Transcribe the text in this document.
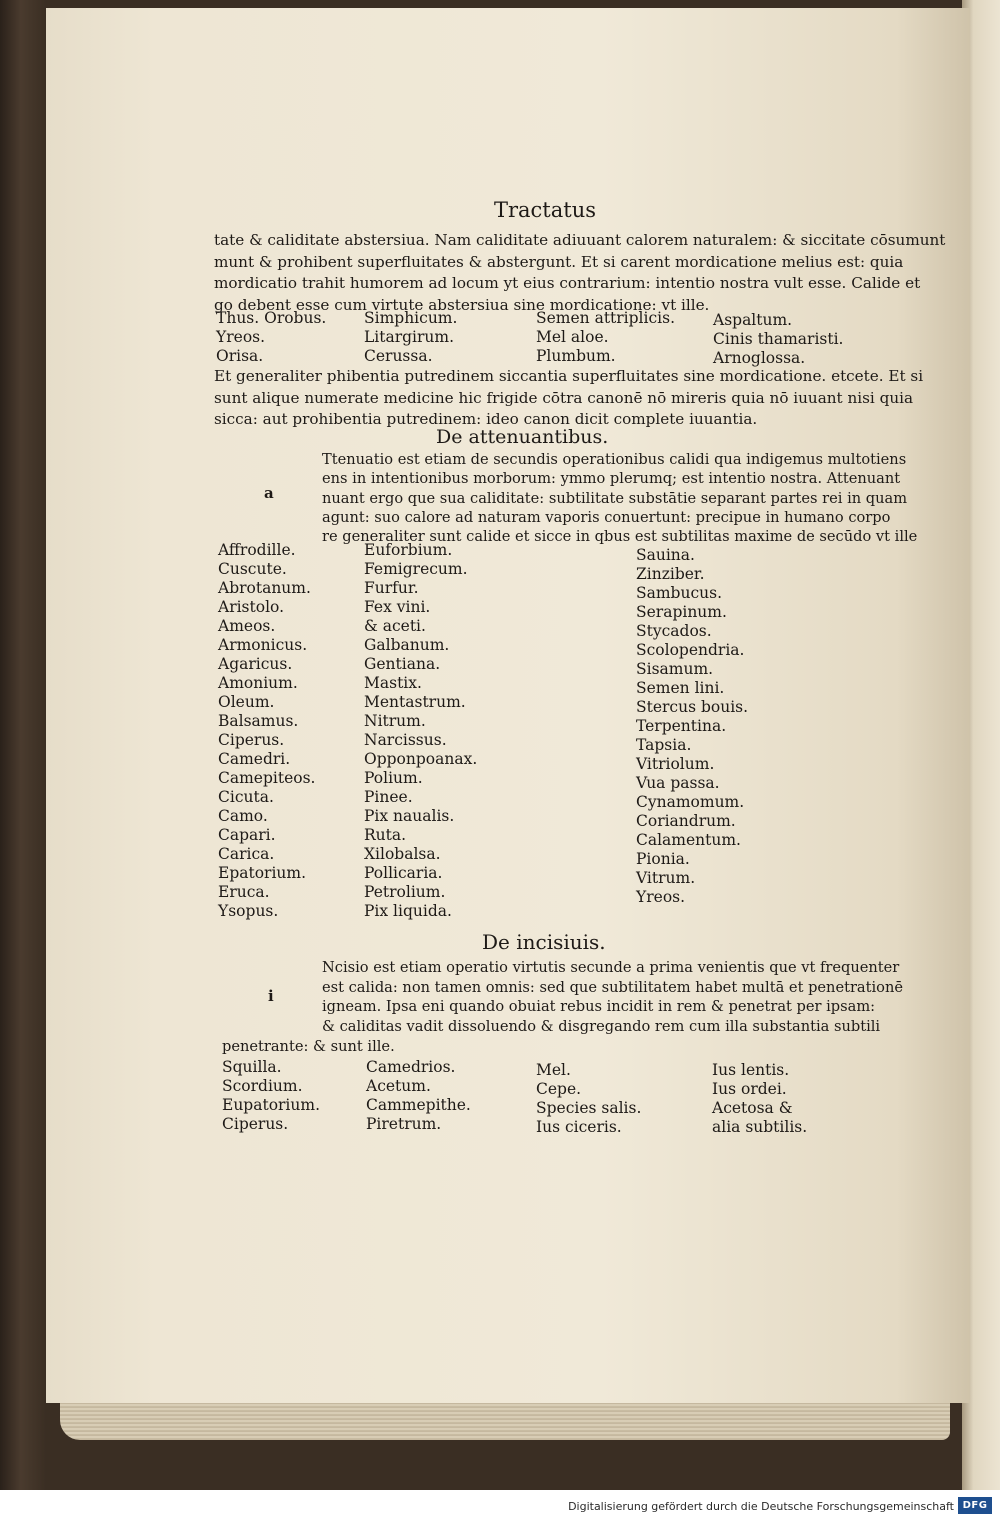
Tractatus
tate & caliditate abstersiua. Nam caliditate adiuuant calorem naturalem: & siccitate cōsumunt
munt & prohibent superfluitates & abstergunt. Et si carent mordicatione melius est: quia
mordicatio trahit humorem ad locum yt eius contrarium: intentio nostra vult esse. Calide et
go debent esse cum virtute abstersiua sine mordicatione: vt ille.
Thus. Orobus.
Yreos.
Orisa.
Simphicum.
Litargirum.
Cerussa.
Semen attriplicis.
Mel aloe.
Plumbum.
Aspaltum.
Cinis thamaristi.
Arnoglossa.
Et generaliter phibentia putredinem siccantia superfluitates sine mordicatione. etcete. Et si
sunt alique numerate medicine hic frigide cōtra canonē nō mireris quia nō iuuant nisi quia
sicca: aut prohibentia putredinem: ideo canon dicit complete iuuantia.
De attenuantibus.
a
Ttenuatio est etiam de secundis operationibus calidi qua indigemus multotiens
ens in intentionibus morborum: ymmo plerumq; est intentio nostra. Attenuant
nuant ergo que sua caliditate: subtilitate substātie separant partes rei in quam
agunt: suo calore ad naturam vaporis conuertunt: precipue in humano corpo
re generaliter sunt calide et sicce in qbus est subtilitas maxime de secūdo vt ille
Affrodille.
Cuscute.
Abrotanum.
Aristolo.
Ameos.
Armonicus.
Agaricus.
Amonium.
Oleum.
Balsamus.
Ciperus.
Camedri.
Camepiteos.
Cicuta.
Camo.
Capari.
Carica.
Epatorium.
Eruca.
Ysopus.
Euforbium.
Femigrecum.
Furfur.
Fex vini.
& aceti.
Galbanum.
Gentiana.
Mastix.
Mentastrum.
Nitrum.
Narcissus.
Opponpoanax.
Polium.
Pinee.
Pix naualis.
Ruta.
Xilobalsa.
Pollicaria.
Petrolium.
Pix liquida.
Sauina.
Zinziber.
Sambucus.
Serapinum.
Stycados.
Scolopendria.
Sisamum.
Semen lini.
Stercus bouis.
Terpentina.
Tapsia.
Vitriolum.
Vua passa.
Cynamomum.
Coriandrum.
Calamentum.
Pionia.
Vitrum.
Yreos.
De incisiuis.
i
Ncisio est etiam operatio virtutis secunde a prima venientis que vt frequenter
est calida: non tamen omnis: sed que subtilitatem habet multā et penetrationē
igneam. Ipsa eni quando obuiat rebus incidit in rem & penetrat per ipsam:
& caliditas vadit dissoluendo & disgregando rem cum illa substantia subtili
penetrante: & sunt ille.
Squilla.
Scordium.
Eupatorium.
Ciperus.
Camedrios.
Acetum.
Cammepithe.
Piretrum.
Mel.
Cepe.
Species salis.
Ius ciceris.
Ius lentis.
Ius ordei.
Acetosa &
alia subtilis.
Digitalisierung gefördert durch die Deutsche Forschungsgemeinschaft DFG
